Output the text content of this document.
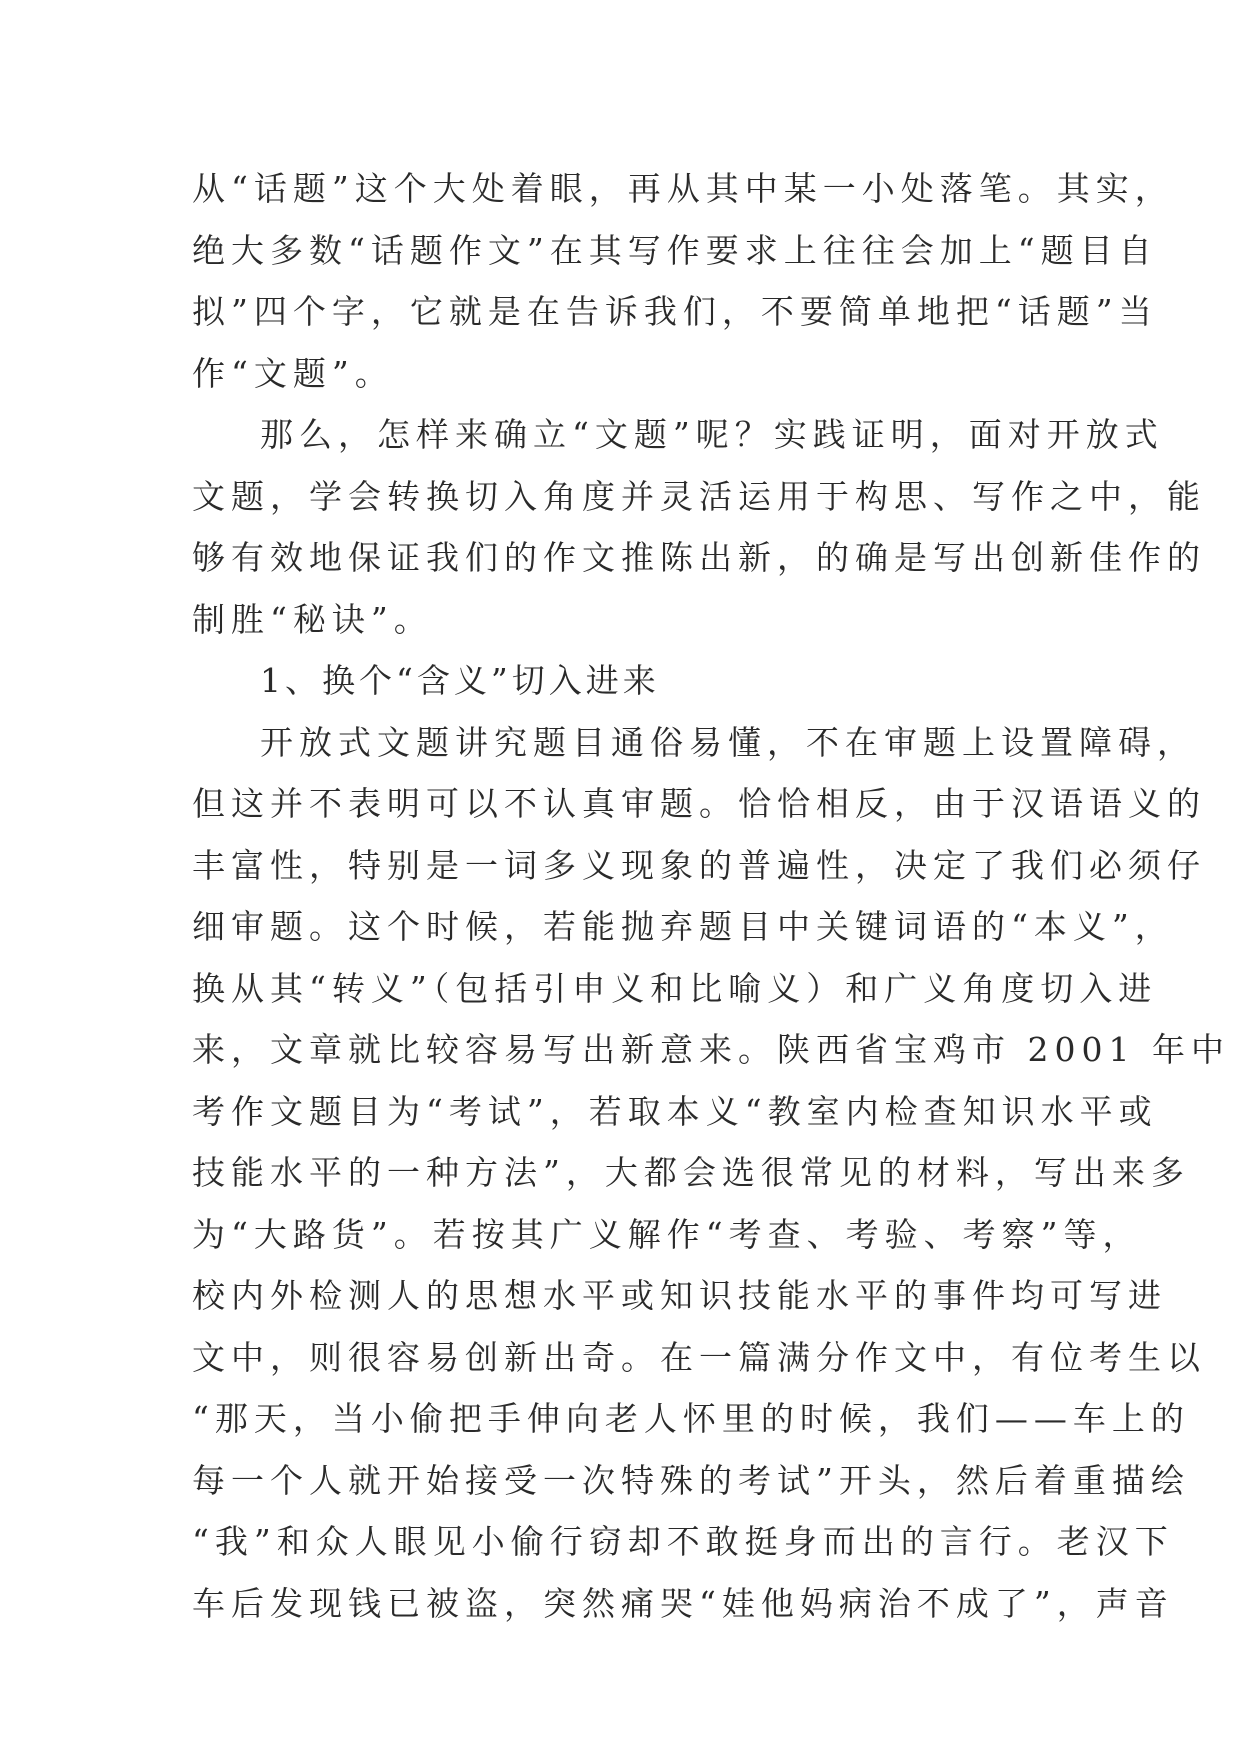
从“话题”这个大处着眼，再从其中某一小处落笔。其实，
绝大多数“话题作文”在其写作要求上往往会加上“题目自
拟”四个字，它就是在告诉我们，不要简单地把“话题”当
作“文题”。
那么，怎样来确立“文题”呢？实践证明，面对开放式
文题，学会转换切入角度并灵活运用于构思、写作之中，能
够有效地保证我们的作文推陈出新，的确是写出创新佳作的
制胜“秘诀”。
1、换个“含义”切入进来
开放式文题讲究题目通俗易懂，不在审题上设置障碍，
但这并不表明可以不认真审题。恰恰相反，由于汉语语义的
丰富性，特别是一词多义现象的普遍性，决定了我们必须仔
细审题。这个时候，若能抛弃题目中关键词语的“本义”，
换从其“转义”（包括引申义和比喻义）和广义角度切入进
来，文章就比较容易写出新意来。陕西省宝鸡市 2001 年中
考作文题目为“考试”，若取本义“教室内检查知识水平或
技能水平的一种方法”，大都会选很常见的材料，写出来多
为“大路货”。若按其广义解作“考查、考验、考察”等，
校内外检测人的思想水平或知识技能水平的事件均可写进
文中，则很容易创新出奇。在一篇满分作文中，有位考生以
“那天，当小偷把手伸向老人怀里的时候，我们——车上的
每一个人就开始接受一次特殊的考试”开头，然后着重描绘
“我”和众人眼见小偷行窃却不敢挺身而出的言行。老汉下
车后发现钱已被盗，突然痛哭“娃他妈病治不成了”，声音
